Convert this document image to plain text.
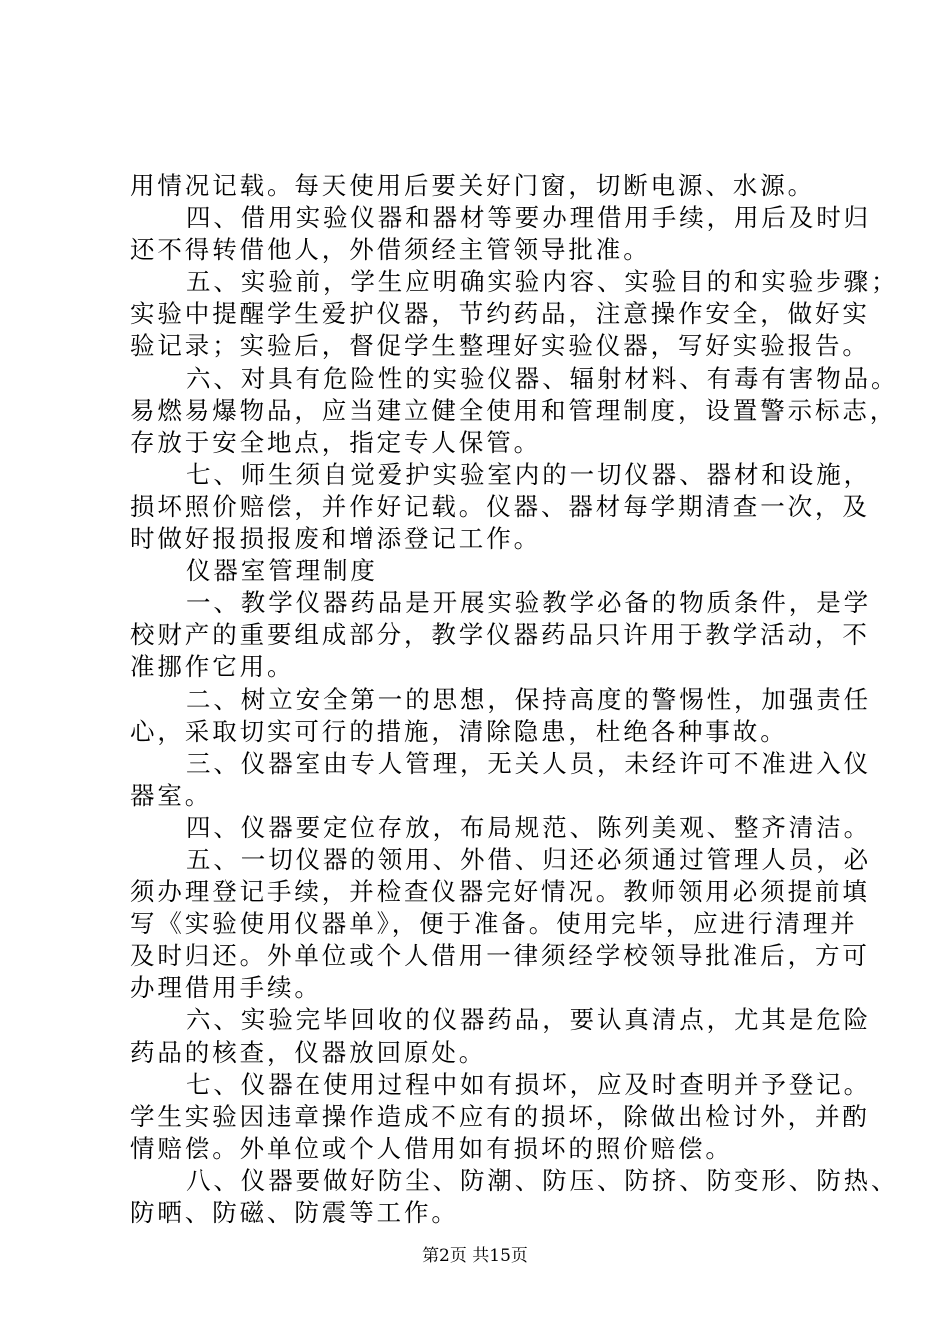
用情况记载。每天使用后要关好门窗，切断电源、水源。
四、借用实验仪器和器材等要办理借用手续，用后及时归
还不得转借他人，外借须经主管领导批准。
五、实验前，学生应明确实验内容、实验目的和实验步骤；
实验中提醒学生爱护仪器，节约药品，注意操作安全，做好实
验记录；实验后，督促学生整理好实验仪器，写好实验报告。
六、对具有危险性的实验仪器、辐射材料、有毒有害物品。
易燃易爆物品，应当建立健全使用和管理制度，设置警示标志，
存放于安全地点，指定专人保管。
七、师生须自觉爱护实验室内的一切仪器、器材和设施，
损坏照价赔偿，并作好记载。仪器、器材每学期清查一次，及
时做好报损报废和增添登记工作。
仪器室管理制度
一、教学仪器药品是开展实验教学必备的物质条件，是学
校财产的重要组成部分，教学仪器药品只许用于教学活动，不
准挪作它用。
二、树立安全第一的思想，保持高度的警惕性，加强责任
心，采取切实可行的措施，清除隐患，杜绝各种事故。
三、仪器室由专人管理，无关人员，未经许可不准进入仪
器室。
四、仪器要定位存放，布局规范、陈列美观、整齐清洁。
五、一切仪器的领用、外借、归还必须通过管理人员，必
须办理登记手续，并检查仪器完好情况。教师领用必须提前填
写《实验使用仪器单》，便于准备。使用完毕，应进行清理并
及时归还。外单位或个人借用一律须经学校领导批准后，方可
办理借用手续。
六、实验完毕回收的仪器药品，要认真清点，尤其是危险
药品的核查，仪器放回原处。
七、仪器在使用过程中如有损坏，应及时查明并予登记。
学生实验因违章操作造成不应有的损坏，除做出检讨外，并酌
情赔偿。外单位或个人借用如有损坏的照价赔偿。
八、仪器要做好防尘、防潮、防压、防挤、防变形、防热、
防晒、防磁、防震等工作。
第2页 共15页
